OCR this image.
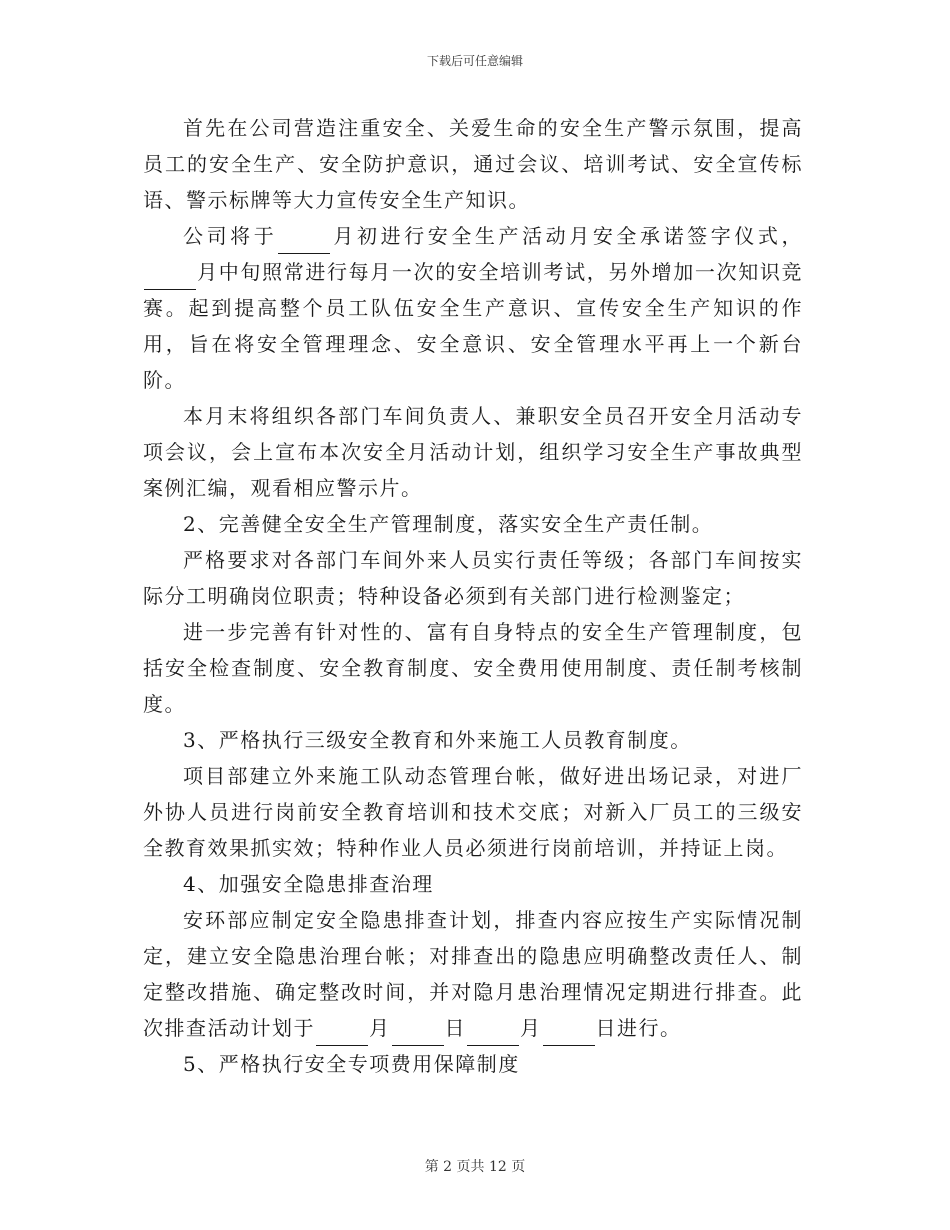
下载后可任意编辑

首先在公司营造注重安全、关爱生命的安全生产警示氛围，提高员工的安全生产、安全防护意识，通过会议、培训考试、安全宣传标语、警示标牌等大力宣传安全生产知识。

公司将于	月初进行安全生产活动月安全承诺签字仪式，月中旬照常进行每月一次的安全培训考试，另外增加一次知识竞赛。起到提高整个员工队伍安全生产意识、宣传安全生产知识的作用，旨在将安全管理理念、安全意识、安全管理水平再上一个新台阶。

本月末将组织各部门车间负责人、兼职安全员召开安全月活动专项会议，会上宣布本次安全月活动计划，组织学习安全生产事故典型案例汇编，观看相应警示片。

2、完善健全安全生产管理制度，落实安全生产责任制。

严格要求对各部门车间外来人员实行责任等级；各部门车间按实际分工明确岗位职责；特种设备必须到有关部门进行检测鉴定；

进一步完善有针对性的、富有自身特点的安全生产管理制度，包括安全检查制度、安全教育制度、安全费用使用制度、责任制考核制度。

3、严格执行三级安全教育和外来施工人员教育制度。

项目部建立外来施工队动态管理台帐，做好进出场记录，对进厂外协人员进行岗前安全教育培训和技术交底；对新入厂员工的三级安全教育效果抓实效；特种作业人员必须进行岗前培训，并持证上岗。

4、加强安全隐患排查治理

安环部应制定安全隐患排查计划，排查内容应按生产实际情况制定，建立安全隐患治理台帐；对排查出的隐患应明确整改责任人、制定整改措施、确定整改时间，并对隐月患治理情况定期进行排查。此次排查活动计划于	月	日	月	日进行。

5、严格执行安全专项费用保障制度

第 2 页共 12 页
